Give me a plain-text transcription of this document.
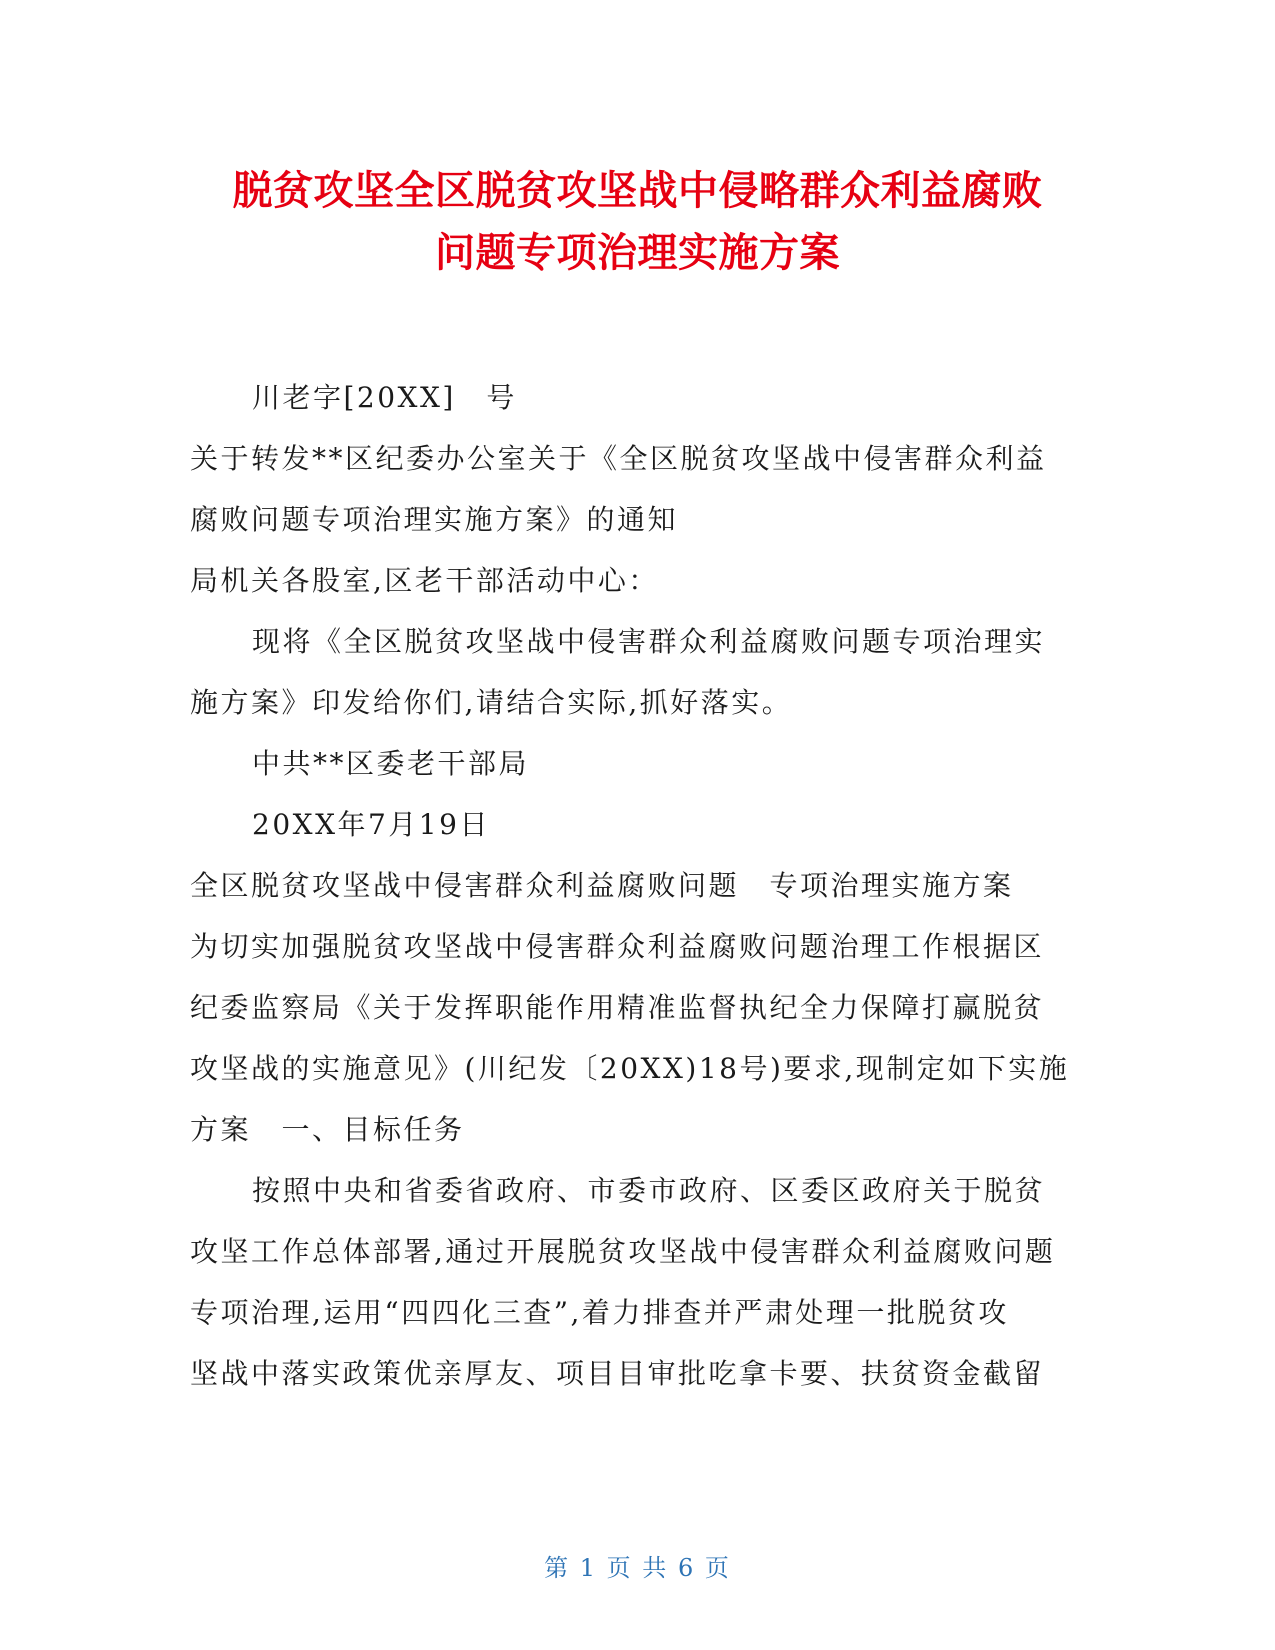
脱贫攻坚全区脱贫攻坚战中侵略群众利益腐败
问题专项治理实施方案

川老字[20XX]　号

关于转发**区纪委办公室关于《全区脱贫攻坚战中侵害群众利益

腐败问题专项治理实施方案》的通知

局机关各股室,区老干部活动中心：

现将《全区脱贫攻坚战中侵害群众利益腐败问题专项治理实

施方案》印发给你们,请结合实际,抓好落实。

中共**区委老干部局

20XX年7月19日

全区脱贫攻坚战中侵害群众利益腐败问题　专项治理实施方案

为切实加强脱贫攻坚战中侵害群众利益腐败问题治理工作根据区

纪委监察局《关于发挥职能作用精准监督执纪全力保障打赢脱贫

攻坚战的实施意见》(川纪发〔20XX)18号)要求,现制定如下实施

方案　一、目标任务

按照中央和省委省政府、市委市政府、区委区政府关于脱贫

攻坚工作总体部署,通过开展脱贫攻坚战中侵害群众利益腐败问题

专项治理,运用“四四化三查”,着力排查并严肃处理一批脱贫攻

坚战中落实政策优亲厚友、项目目审批吃拿卡要、扶贫资金截留

第 1 页 共 6 页
